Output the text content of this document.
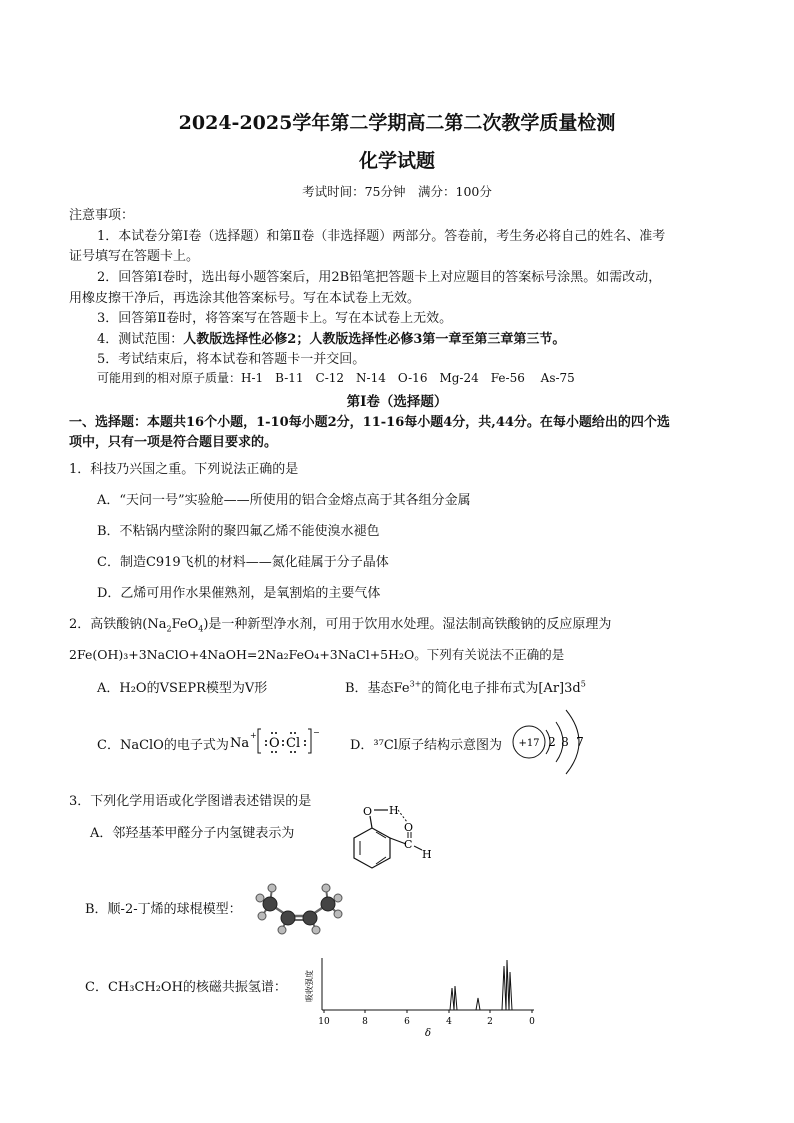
2024-2025学年第二学期高二第二次教学质量检测
化学试题
考试时间：75分钟　满分：100分
注意事项：
1．本试卷分第Ⅰ卷（选择题）和第Ⅱ卷（非选择题）两部分。答卷前，考生务必将自己的姓名、准考
证号填写在答题卡上。
2．回答第Ⅰ卷时，选出每小题答案后，用2B铅笔把答题卡上对应题目的答案标号涂黑。如需改动，
用橡皮擦干净后，再选涂其他答案标号。写在本试卷上无效。
3．回答第Ⅱ卷时，将答案写在答题卡上。写在本试卷上无效。
4．测试范围：人教版选择性必修2；人教版选择性必修3第一章至第三章第三节。
5．考试结束后，将本试卷和答题卡一并交回。
可能用到的相对原子质量：H-1　B-11　C-12　N-14　O-16　Mg-24　Fe-56　 As-75
第Ⅰ卷（选择题）
一、选择题：本题共16个小题，1-10每小题2分，11-16每小题4分，共,44分。在每小题给出的四个选
项中，只有一项是符合题目要求的。
1．科技乃兴国之重。下列说法正确的是
A．“天问一号”实验舱——所使用的铝合金熔点高于其各组分金属
B．不粘锅内壁涂附的聚四氟乙烯不能使溴水褪色
C．制造C919飞机的材料——氮化硅属于分子晶体
D．乙烯可用作水果催熟剂，是氧割焰的主要气体
2．高铁酸钠$(Na_2FeO_4)$是一种新型净水剂，可用于饮用水处理。湿法制高铁酸钠的反应原理为
2Fe(OH)₃+3NaClO+4NaOH=2Na₂FeO₄+3NaCl+5H₂O。下列有关说法不正确的是
A．H₂O的VSEPR模型为V形	B．基态$Fe^{3+}$的简化电子排布式为$[Ar]3d^5$
C．NaClO的电子式为 Na
+
O Cl
−
D．³⁷Cl原子结构示意图为 +17 2 8 7
3．下列化学用语或化学图谱表述错误的是
A．邻羟基苯甲醛分子内氢键表示为
O H
O
C
H
B．顺-2-丁烯的球棍模型：
C．CH₃CH₂OH的核磁共振氢谱： 吸收强度
10	8	6	4	2	0
δ
